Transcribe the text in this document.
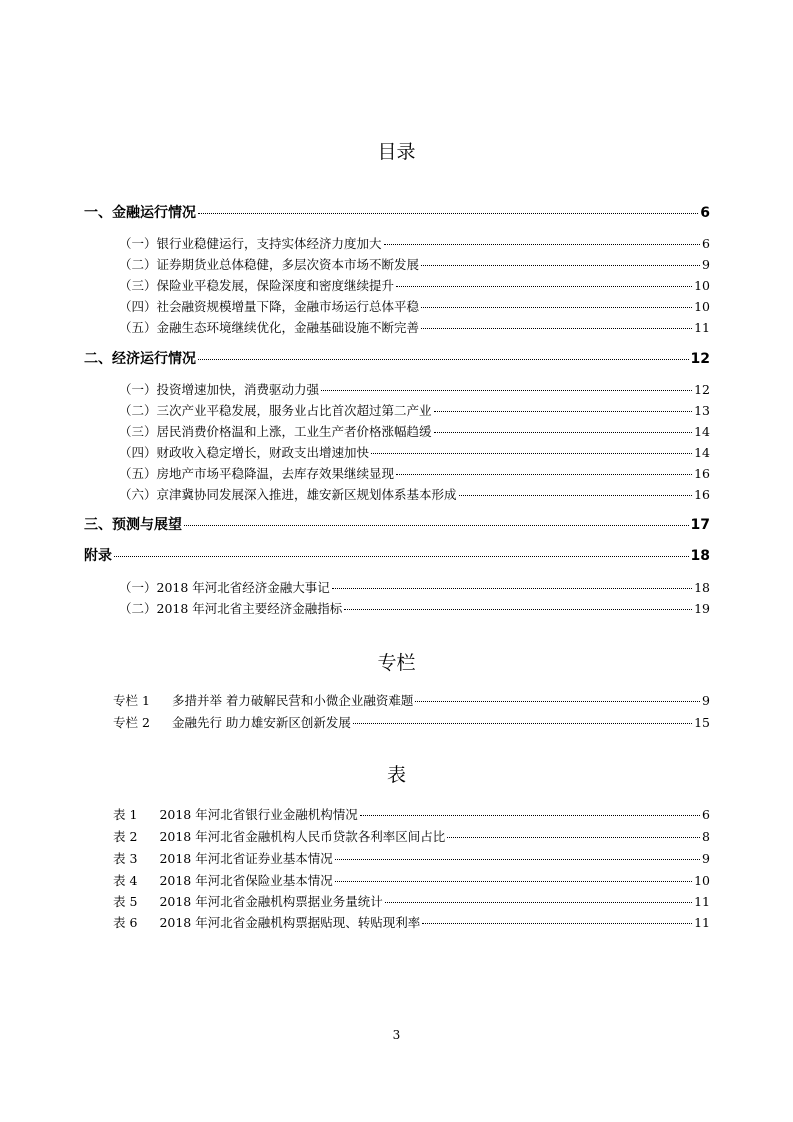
目录
一、金融运行情况	6
（一）银行业稳健运行，支持实体经济力度加大	6
（二）证券期货业总体稳健，多层次资本市场不断发展	9
（三）保险业平稳发展，保险深度和密度继续提升	10
（四）社会融资规模增量下降，金融市场运行总体平稳	10
（五）金融生态环境继续优化，金融基础设施不断完善	11
二、经济运行情况	12
（一）投资增速加快，消费驱动力强	12
（二）三次产业平稳发展，服务业占比首次超过第二产业	13
（三）居民消费价格温和上涨，工业生产者价格涨幅趋缓	14
（四）财政收入稳定增长，财政支出增速加快	14
（五）房地产市场平稳降温，去库存效果继续显现	16
（六）京津冀协同发展深入推进，雄安新区规划体系基本形成	16
三、预测与展望	17
附录	18
（一）2018 年河北省经济金融大事记	18
（二）2018 年河北省主要经济金融指标	19
专栏
专栏 1 多措并举 着力破解民营和小微企业融资难题	9
专栏 2 金融先行 助力雄安新区创新发展	15
表
表 1 2018 年河北省银行业金融机构情况	6
表 2 2018 年河北省金融机构人民币贷款各利率区间占比	8
表 3 2018 年河北省证券业基本情况	9
表 4 2018 年河北省保险业基本情况	10
表 5 2018 年河北省金融机构票据业务量统计	11
表 6 2018 年河北省金融机构票据贴现、转贴现利率	11
3
